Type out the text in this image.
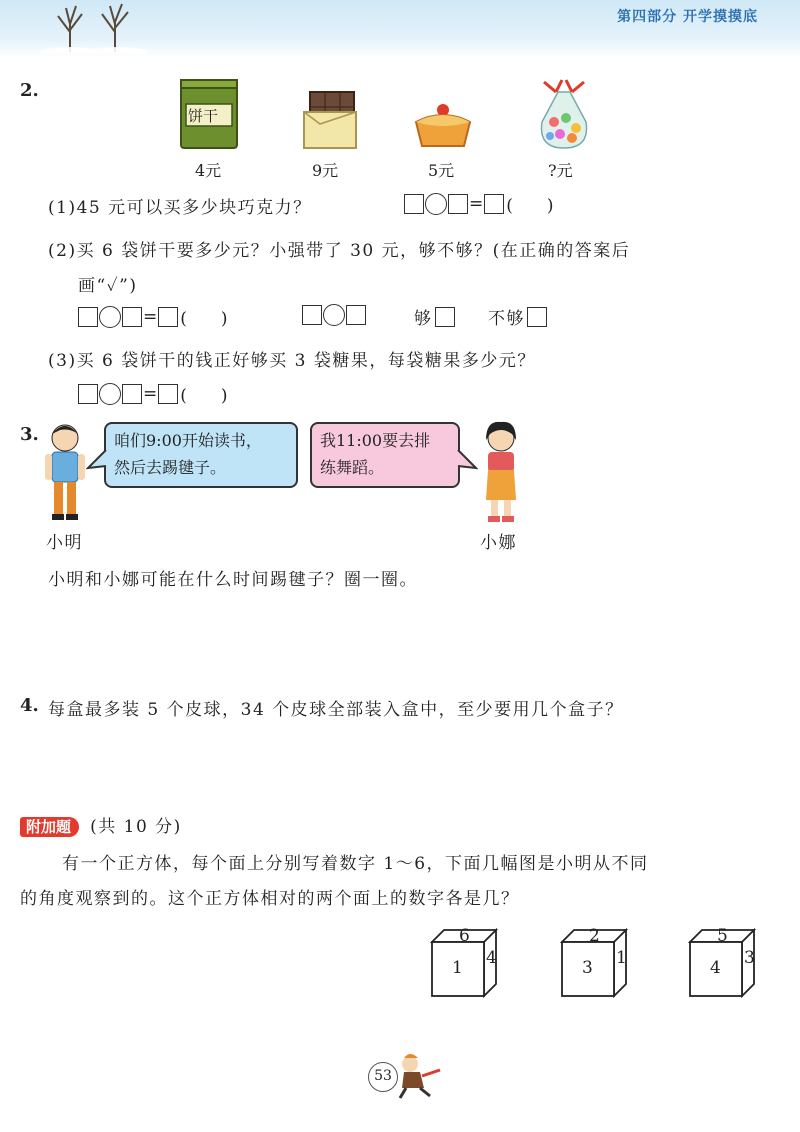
第四部分 开学摸摸底
2.
饼干
4元	9元	5元	?元
(1)45 元可以买多少块巧克力？	= (　　)
(2)买 6 袋饼干要多少元？小强带了 30 元，够不够？(在正确的答案后
画“✓”)
= (　　)	够	不够
(3)买 6 袋饼干的钱正好够买 3 袋糖果，每袋糖果多少元？
= (　　)
3.	咱们9:00开始读书，
然后去踢毽子。
我11:00要去排
练舞蹈。
小明	小娜
小明和小娜可能在什么时间踢毽子？圈一圈。
4. 每盒最多装 5 个皮球，34 个皮球全部装入盒中，至少要用几个盒子？
附加题 (共 10 分)
有一个正方体，每个面上分别写着数字 1～6，下面几幅图是小明从不同
的角度观察到的。这个正方体相对的两个面上的数字各是几？
6
1 4
2
3 1
5
4 3
53
